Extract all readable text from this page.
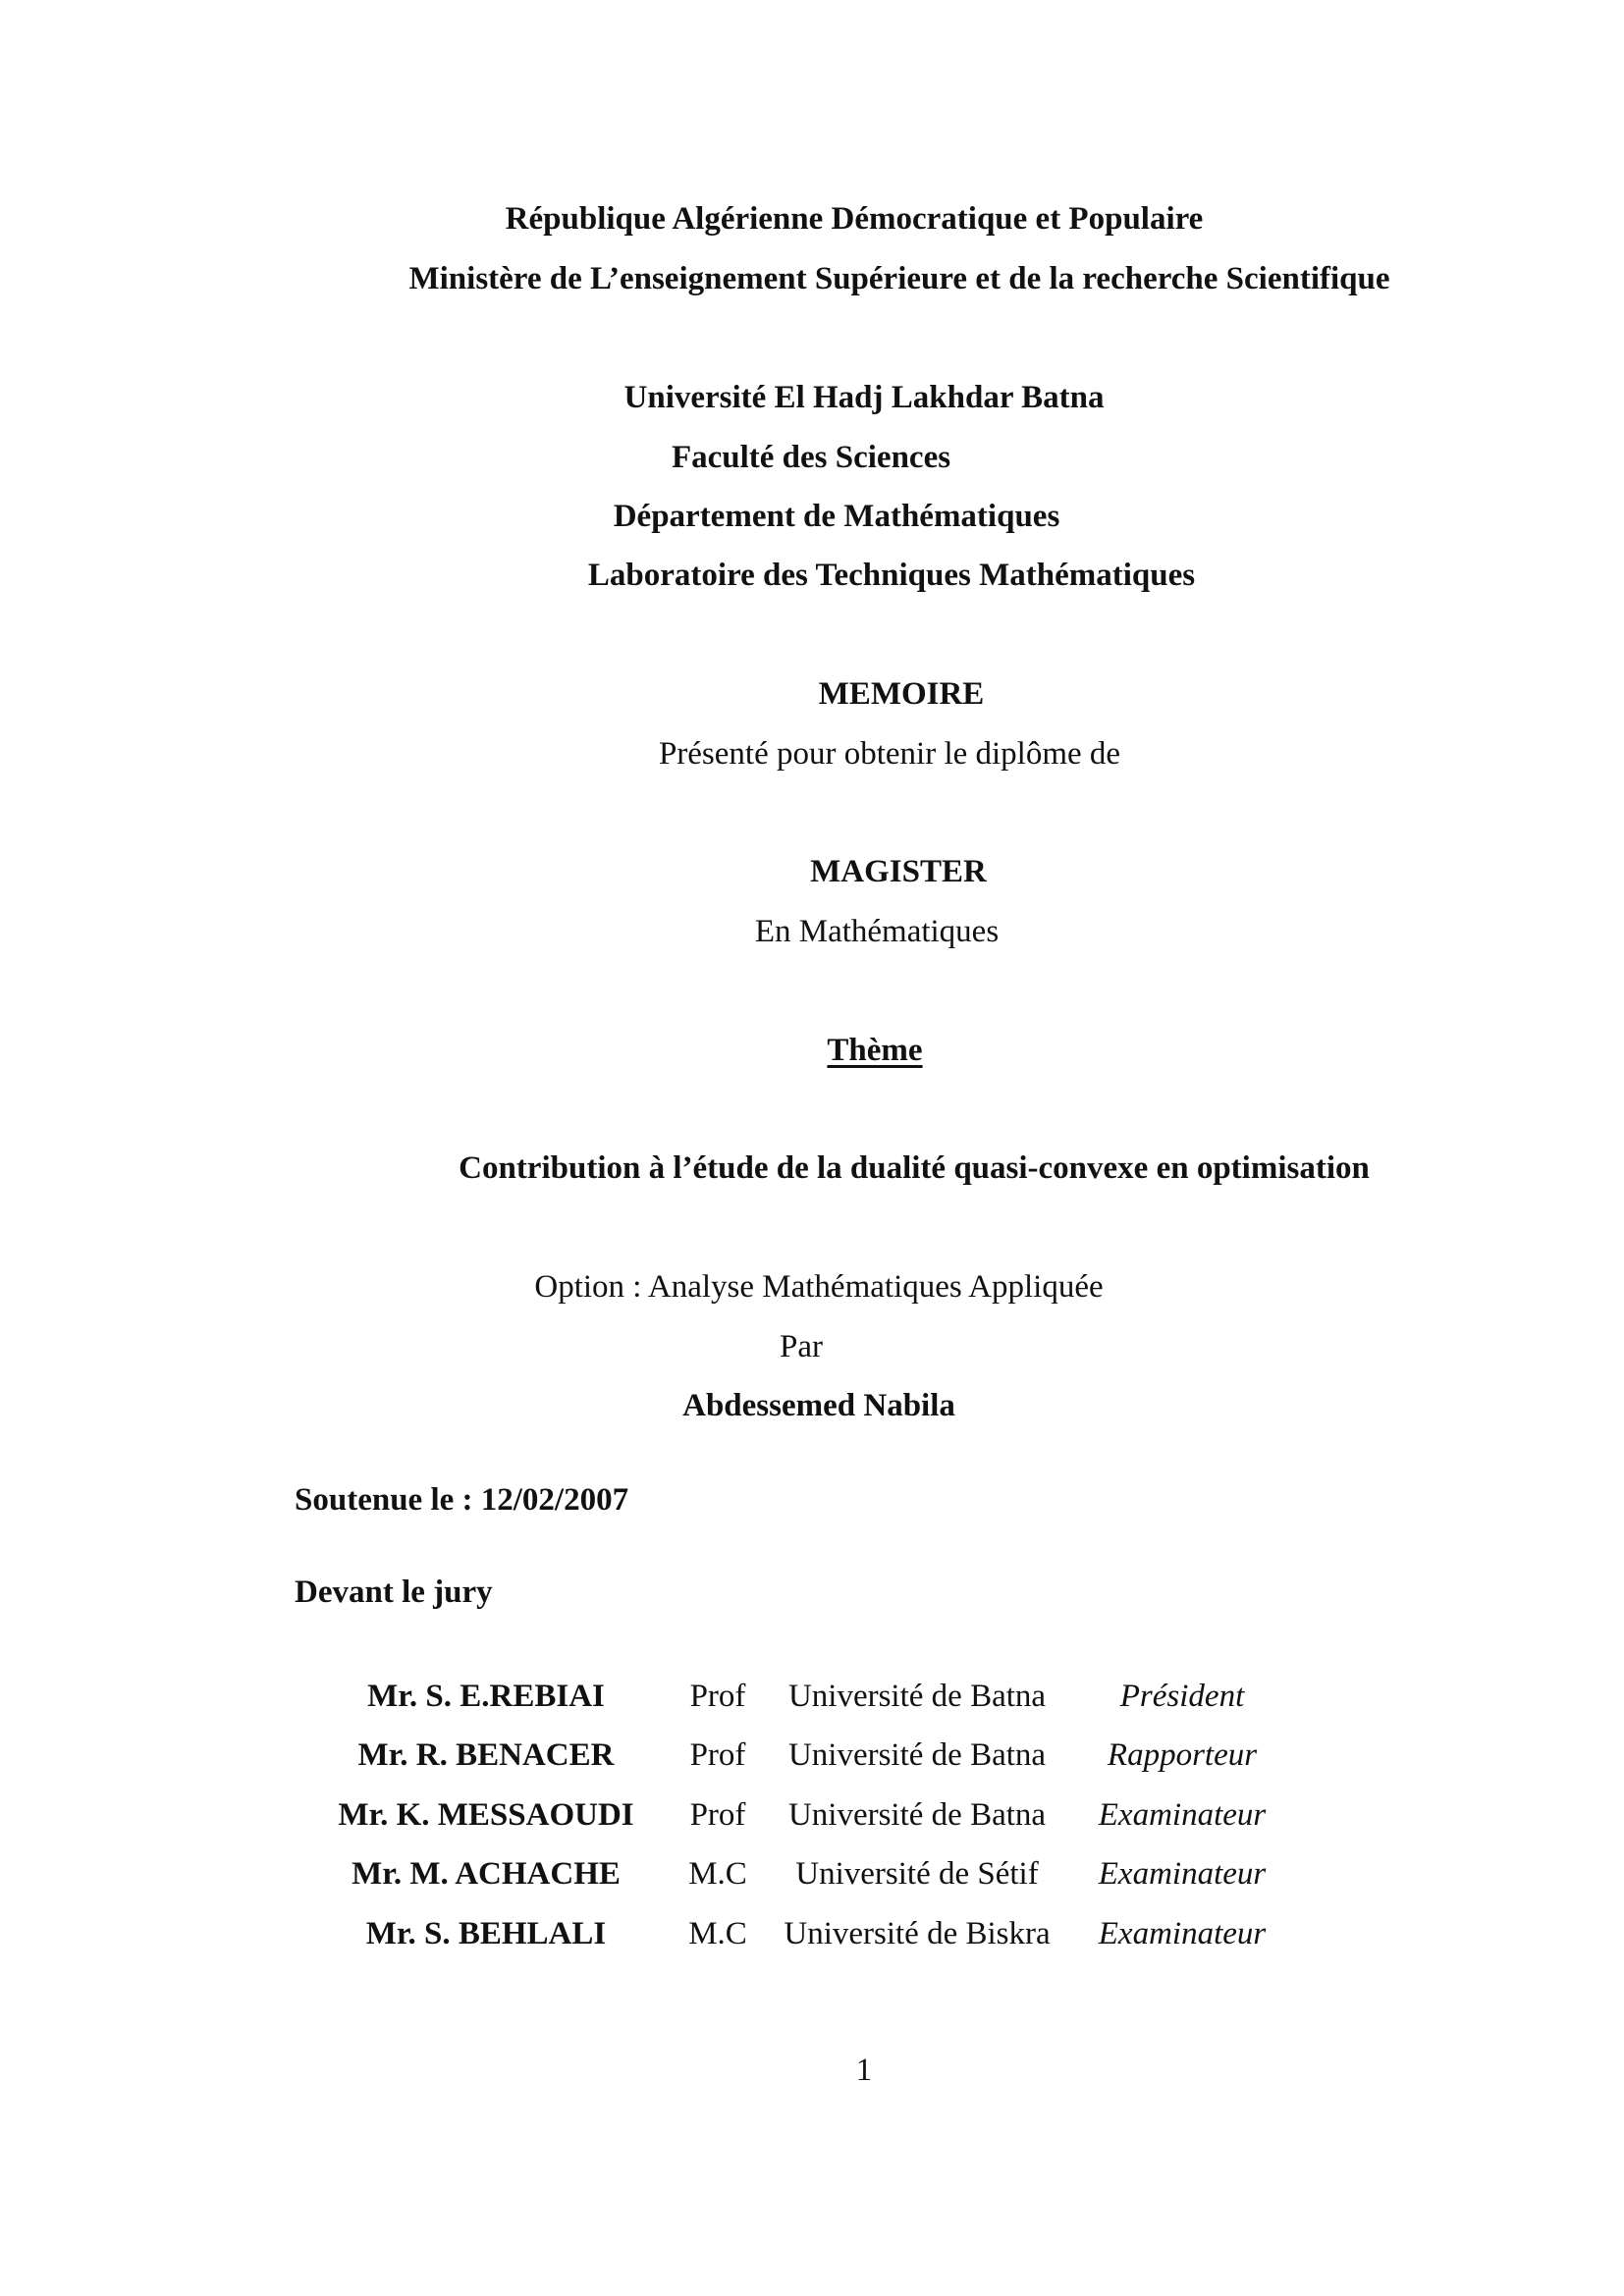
République Algérienne Démocratique et Populaire
Ministère de L’enseignement Supérieure et de la recherche Scientifique
Université El Hadj Lakhdar Batna
Faculté des Sciences
Département de Mathématiques
Laboratoire des Techniques Mathématiques
MEMOIRE
Présenté pour obtenir le diplôme de
MAGISTER
En Mathématiques
Thème
Contribution à l’étude de la dualité quasi-convexe en optimisation
Option : Analyse Mathématiques Appliquée
Par
Abdessemed Nabila
Soutenue le : 12/02/2007
Devant le jury
Mr. S. E.REBIAI	Prof Université de Batna Président
Mr. R. BENACER Prof Université de Batna Rapporteur
Mr. K. MESSAOUDI Prof Université de Batna Examinateur
Mr. M. ACHACHE M.C Université de Sétif Examinateur
Mr. S. BEHLALI	M.C Université de Biskra Examinateur
1
